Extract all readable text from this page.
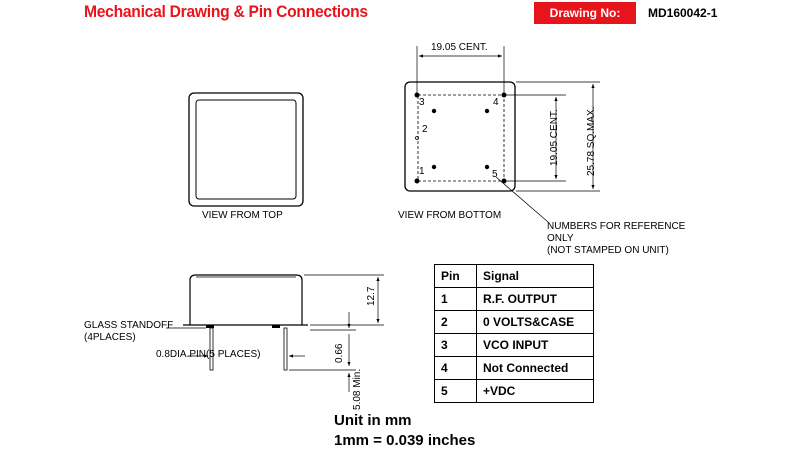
Mechanical Drawing & Pin Connections	Drawing No:	MD160042-1
19.05 CENT.
19.05 CENT.	25.78 SQ.MAX.
3	4
2
1	5
VIEW FROM BOTTOM
NUMBERS FOR REFERENCE
ONLY
(NOT STAMPED ON UNIT)
VIEW FROM TOP
12.7
GLASS STANDOFF
(4PLACES)
0.8DIA.PIN(5 PLACES)	0.66
5.08 Min.
Pin	Signal
1	R.F. OUTPUT
2	0 VOLTS&CASE
3	VCO INPUT
4	Not Connected
5	+VDC
Unit in mm
1mm = 0.039 inches
